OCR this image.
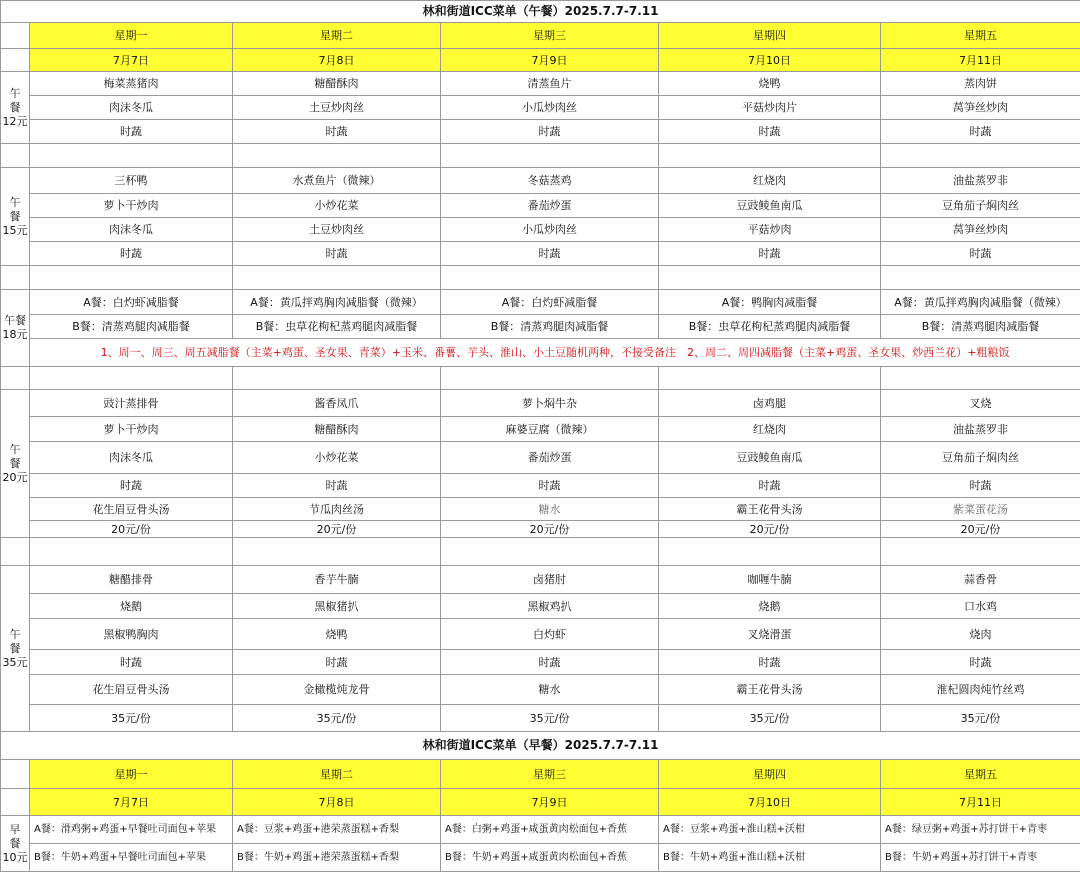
林和街道ICC菜单（午餐）2025.7.7-7.11					
	星期一	星期二	星期三	星期四	星期五
	7月7日	7月8日	7月9日	7月10日	7月11日
午
餐
12元	梅菜蒸猪肉	糖醋酥肉	清蒸鱼片	烧鸭	蒸肉饼
	肉沫冬瓜	土豆炒肉丝	小瓜炒肉丝	平菇炒肉片	莴笋丝炒肉
	时蔬	时蔬	时蔬	时蔬	时蔬

午
餐
15元	三杯鸭	水煮鱼片（微辣）	冬菇蒸鸡	红烧肉	油盐蒸罗非
	萝卜干炒肉	小炒花菜	番茄炒蛋	豆豉鲮鱼南瓜	豆角茄子焖肉丝
	肉沫冬瓜	土豆炒肉丝	小瓜炒肉丝	平菇炒肉	莴笋丝炒肉
	时蔬	时蔬	时蔬	时蔬	时蔬

午餐
18元	A餐：白灼虾减脂餐	A餐：黄瓜拌鸡胸肉减脂餐（微辣）	A餐：白灼虾减脂餐	A餐：鸭胸肉减脂餐	A餐：黄瓜拌鸡胸肉减脂餐（微辣）
	B餐：清蒸鸡腿肉减脂餐	B餐：虫草花枸杞蒸鸡腿肉减脂餐	B餐：清蒸鸡腿肉减脂餐	B餐：虫草花枸杞蒸鸡腿肉减脂餐	B餐：清蒸鸡腿肉减脂餐
	1、周一、周三、周五减脂餐（主菜+鸡蛋、圣女果、青菜）+玉米、番薯、芋头、淮山、小土豆随机两种，不接受备注　2、周二、周四减脂餐（主菜+鸡蛋、圣女果、炒西兰花）+粗粮饭				

午
餐
20元	豉汁蒸排骨	酱香凤爪	萝卜焖牛杂	卤鸡腿	叉烧
	萝卜干炒肉	糖醋酥肉	麻婆豆腐（微辣）	红烧肉	油盐蒸罗非
	肉沫冬瓜	小炒花菜	番茄炒蛋	豆豉鲮鱼南瓜	豆角茄子焖肉丝
	时蔬	时蔬	时蔬	时蔬	时蔬
	花生眉豆骨头汤	节瓜肉丝汤	糖水	霸王花骨头汤	紫菜蛋花汤
	20元/份	20元/份	20元/份	20元/份	20元/份

午
餐
35元	糖醋排骨	香芋牛腩	卤猪肘	咖喱牛腩	蒜香骨
	烧鹅	黑椒猪扒	黑椒鸡扒	烧鹅	口水鸡
	黑椒鸭胸肉	烧鸭	白灼虾	叉烧滑蛋	烧肉
	时蔬	时蔬	时蔬	时蔬	时蔬
	花生眉豆骨头汤	金橄榄炖龙骨	糖水	霸王花骨头汤	淮杞圆肉炖竹丝鸡
	35元/份	35元/份	35元/份	35元/份	35元/份
林和街道ICC菜单（早餐）2025.7.7-7.11					
	星期一	星期二	星期三	星期四	星期五
	7月7日	7月8日	7月9日	7月10日	7月11日
早
餐
10元	A餐：滑鸡粥+鸡蛋+早餐吐司面包+苹果	A餐：豆浆+鸡蛋+港荣蒸蛋糕+香梨	A餐：白粥+鸡蛋+咸蛋黄肉松面包+香蕉	A餐：豆浆+鸡蛋+淮山糕+沃柑	A餐：绿豆粥+鸡蛋+苏打饼干+青枣
	B餐：牛奶+鸡蛋+早餐吐司面包+苹果	B餐：牛奶+鸡蛋+港荣蒸蛋糕+香梨	B餐：牛奶+鸡蛋+咸蛋黄肉松面包+香蕉	B餐：牛奶+鸡蛋+淮山糕+沃柑	B餐：牛奶+鸡蛋+苏打饼干+青枣
